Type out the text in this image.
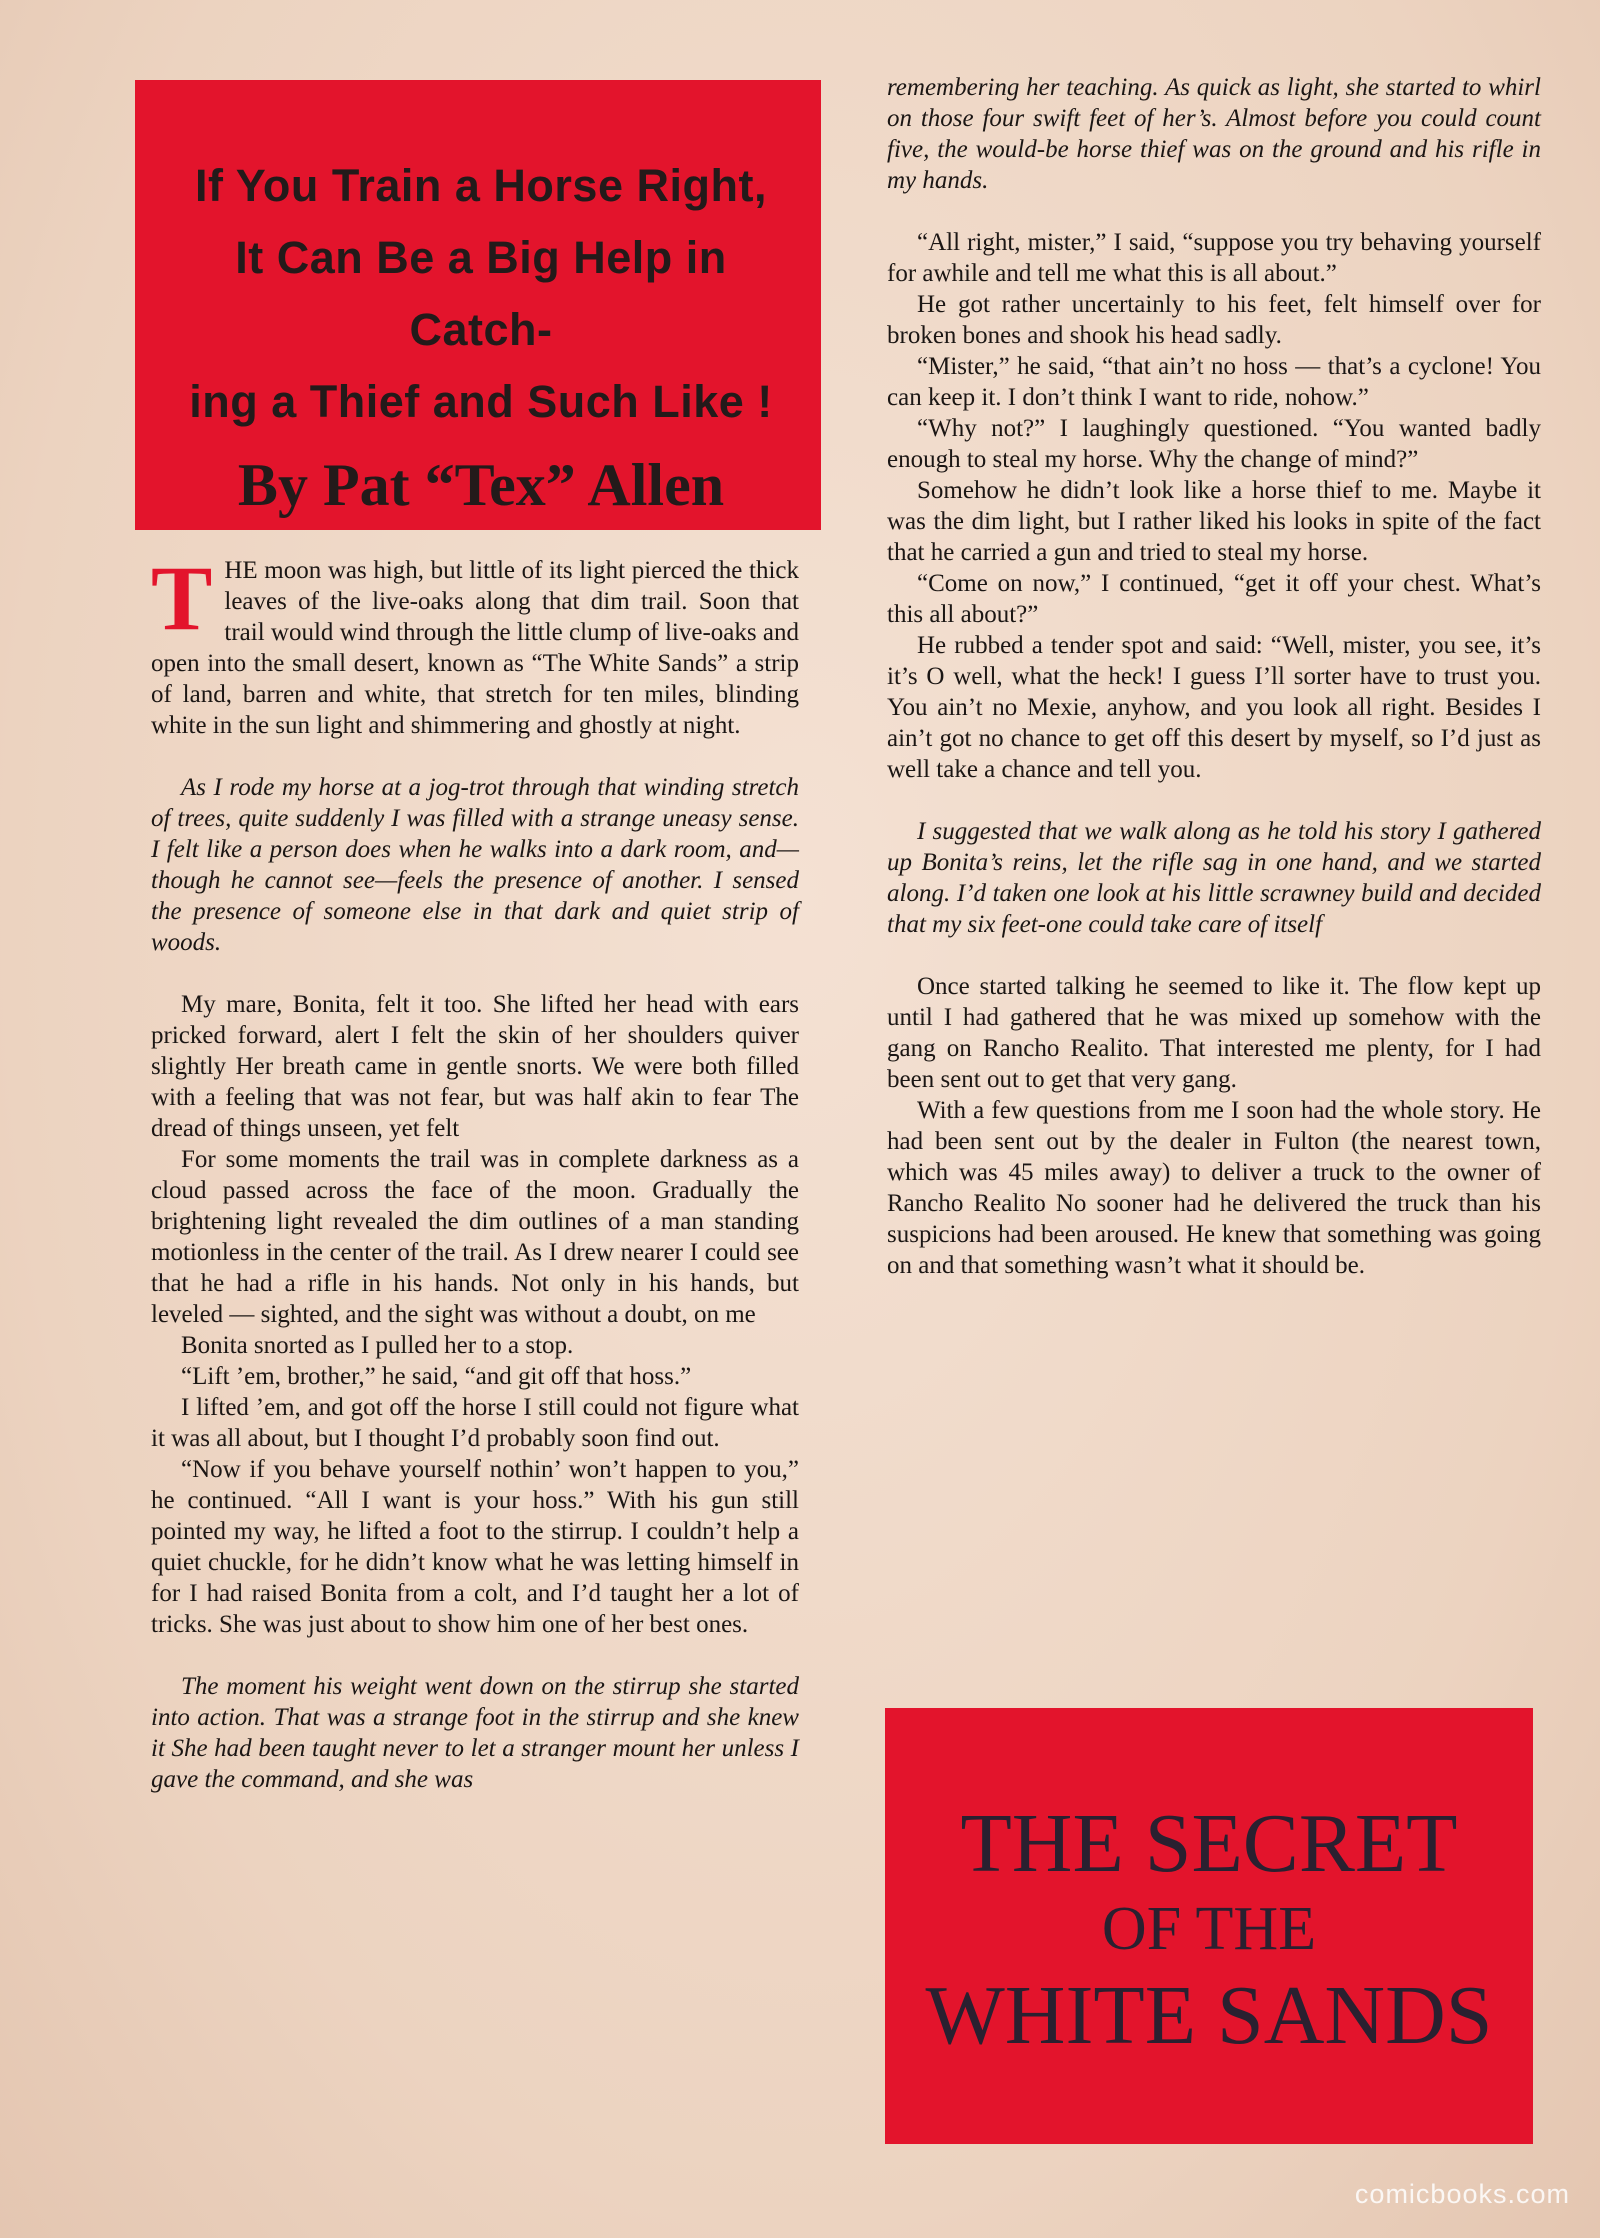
If You Train a Horse Right,
It Can Be a Big Help in Catch-
ing a Thief and Such Like !
By Pat “Tex” Allen

THE moon was high, but little of its light pierced the thick leaves of the live-oaks along that dim trail. Soon that trail would wind through the little clump of live-oaks and open into the small desert, known as “The White Sands” a strip of land, barren and white, that stretch for ten miles, blinding white in the sun light and shimmering and ghostly at night.

As I rode my horse at a jog-trot through that winding stretch of trees, quite suddenly I was filled with a strange uneasy sense. I felt like a person does when he walks into a dark room, and—though he cannot see—feels the presence of another. I sensed the presence of someone else in that dark and quiet strip of woods.

My mare, Bonita, felt it too. She lifted her head with ears pricked forward, alert I felt the skin of her shoulders quiver slightly Her breath came in gentle snorts. We were both filled with a feeling that was not fear, but was half akin to fear The dread of things unseen, yet felt

For some moments the trail was in complete darkness as a cloud passed across the face of the moon. Gradually the brightening light revealed the dim outlines of a man standing motionless in the center of the trail. As I drew nearer I could see that he had a rifle in his hands. Not only in his hands, but leveled — sighted, and the sight was without a doubt, on me

Bonita snorted as I pulled her to a stop.

“Lift ’em, brother,” he said, “and git off that hoss.”

I lifted ’em, and got off the horse I still could not figure what it was all about, but I thought I’d probably soon find out.

“Now if you behave yourself nothin’ won’t happen to you,” he continued. “All I want is your hoss.” With his gun still pointed my way, he lifted a foot to the stirrup. I couldn’t help a quiet chuckle, for he didn’t know what he was letting himself in for I had raised Bonita from a colt, and I’d taught her a lot of tricks. She was just about to show him one of her best ones.

The moment his weight went down on the stirrup she started into action. That was a strange foot in the stirrup and she knew it She had been taught never to let a stranger mount her unless I gave the command, and she was

remembering her teaching. As quick as light, she started to whirl on those four swift feet of her’s. Almost before you could count five, the would-be horse thief was on the ground and his rifle in my hands.

“All right, mister,” I said, “suppose you try behaving yourself for awhile and tell me what this is all about.”

He got rather uncertainly to his feet, felt himself over for broken bones and shook his head sadly.

“Mister,” he said, “that ain’t no hoss — that’s a cyclone! You can keep it. I don’t think I want to ride, nohow.”

“Why not?” I laughingly questioned. “You wanted badly enough to steal my horse. Why the change of mind?”

Somehow he didn’t look like a horse thief to me. Maybe it was the dim light, but I rather liked his looks in spite of the fact that he carried a gun and tried to steal my horse.

“Come on now,” I continued, “get it off your chest. What’s this all about?”

He rubbed a tender spot and said: “Well, mister, you see, it’s it’s O well, what the heck! I guess I’ll sorter have to trust you. You ain’t no Mexie, anyhow, and you look all right. Besides I ain’t got no chance to get off this desert by myself, so I’d just as well take a chance and tell you.

I suggested that we walk along as he told his story I gathered up Bonita’s reins, let the rifle sag in one hand, and we started along. I’d taken one look at his little scrawney build and decided that my six feet-one could take care of itself

Once started talking he seemed to like it. The flow kept up until I had gathered that he was mixed up somehow with the gang on Rancho Realito. That interested me plenty, for I had been sent out to get that very gang.

With a few questions from me I soon had the whole story. He had been sent out by the dealer in Fulton (the nearest town, which was 45 miles away) to deliver a truck to the owner of Rancho Realito No sooner had he delivered the truck than his suspicions had been aroused. He knew that something was going on and that something wasn’t what it should be.

THE SECRET
OF THE
WHITE SANDS
comicbooks.com
